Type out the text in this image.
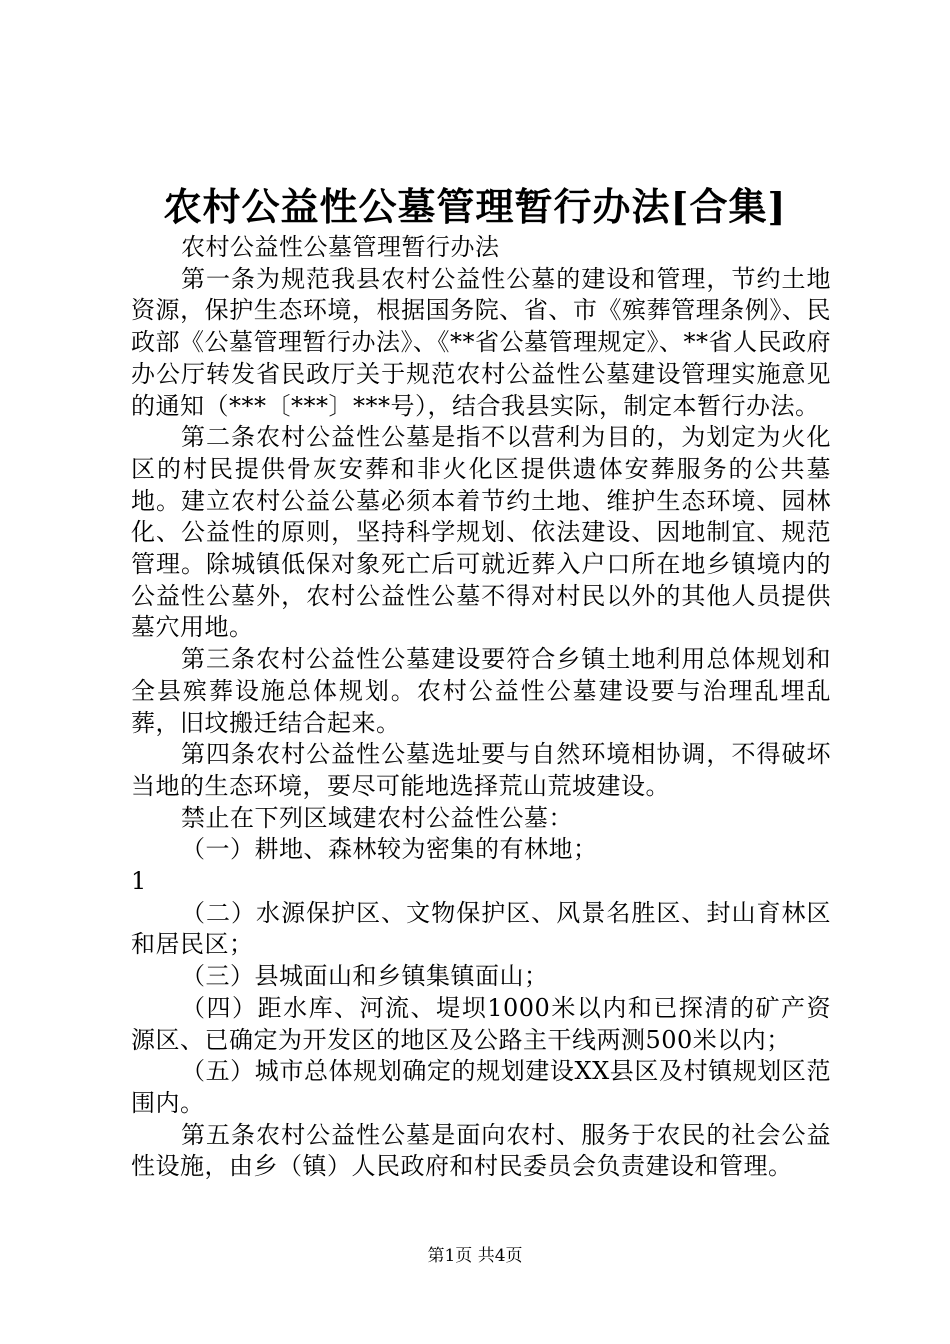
农村公益性公墓管理暂行办法[合集]

农村公益性公墓管理暂行办法

第一条为规范我县农村公益性公墓的建设和管理，节约土地资源，保护生态环境，根据国务院、省、市《殡葬管理条例》、民政部《公墓管理暂行办法》、《**省公墓管理规定》、**省人民政府办公厅转发省民政厅关于规范农村公益性公墓建设管理实施意见的通知（***〔***〕***号），结合我县实际，制定本暂行办法。

第二条农村公益性公墓是指不以营利为目的，为划定为火化区的村民提供骨灰安葬和非火化区提供遗体安葬服务的公共墓地。建立农村公益公墓必须本着节约土地、维护生态环境、园林化、公益性的原则，坚持科学规划、依法建设、因地制宜、规范管理。除城镇低保对象死亡后可就近葬入户口所在地乡镇境内的公益性公墓外，农村公益性公墓不得对村民以外的其他人员提供墓穴用地。

第三条农村公益性公墓建设要符合乡镇土地利用总体规划和全县殡葬设施总体规划。农村公益性公墓建设要与治理乱埋乱葬，旧坟搬迁结合起来。

第四条农村公益性公墓选址要与自然环境相协调，不得破坏当地的生态环境，要尽可能地选择荒山荒坡建设。

禁止在下列区域建农村公益性公墓：

（一）耕地、森林较为密集的有林地；

1

（二）水源保护区、文物保护区、风景名胜区、封山育林区和居民区；

（三）县城面山和乡镇集镇面山；

（四）距水库、河流、堤坝1000米以内和已探清的矿产资源区、已确定为开发区的地区及公路主干线两测500米以内；

（五）城市总体规划确定的规划建设XX县区及村镇规划区范围内。

第五条农村公益性公墓是面向农村、服务于农民的社会公益性设施，由乡（镇）人民政府和村民委员会负责建设和管理。

第1页 共4页
